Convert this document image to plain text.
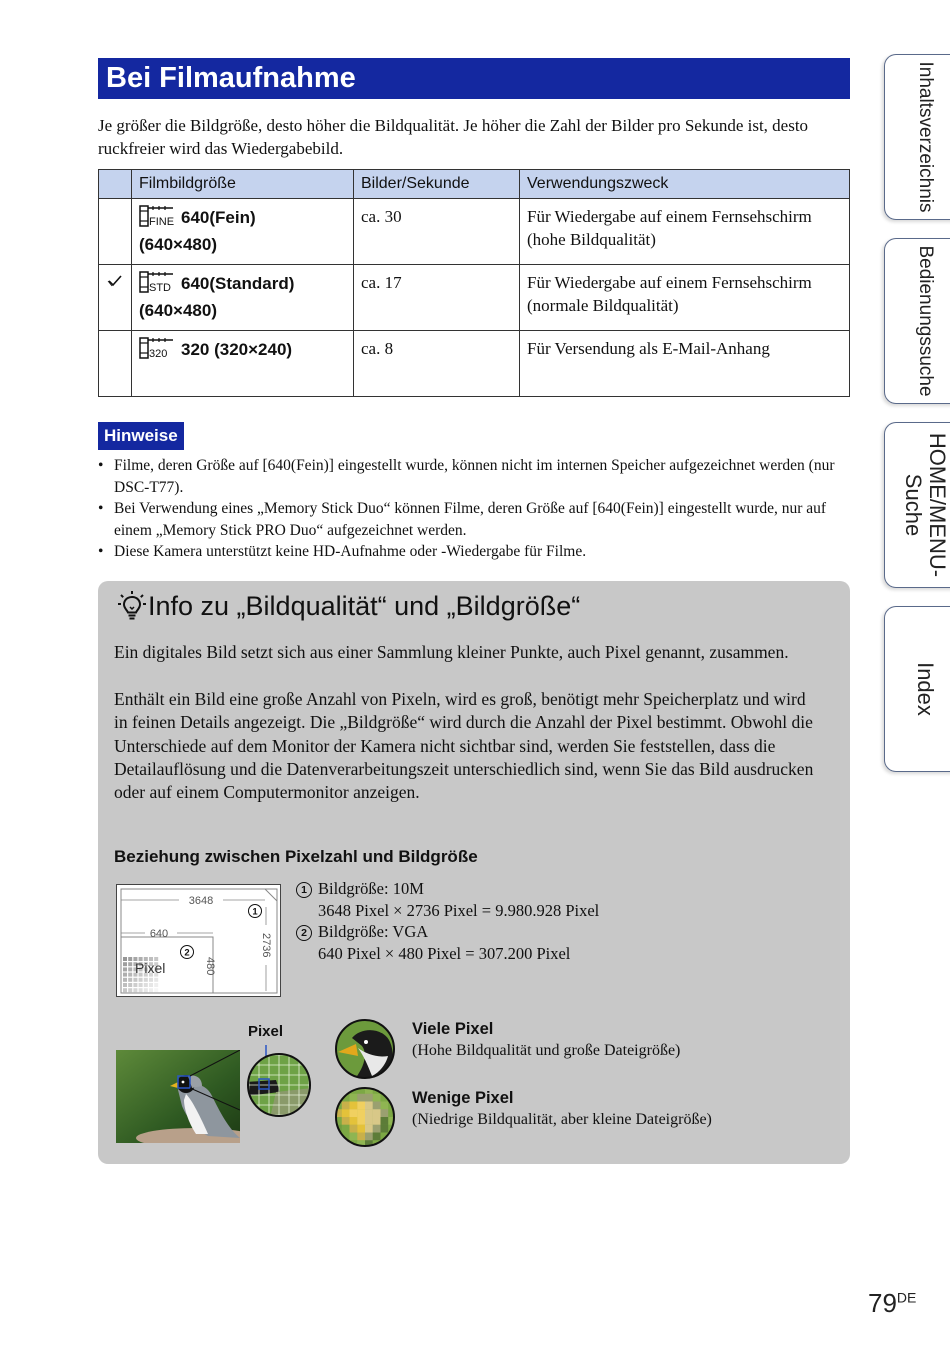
Bei Filmaufnahme

Je größer die Bildgröße, desto höher die Bildqualität. Je höher die Zahl der Bilder pro Sekunde ist, desto ruckfreier wird das Wiedergabebild.

	Filmbildgröße	Bilder/Sekunde	Verwendungszweck

FINE 640(Fein)
(640×480)	ca. 30	Für Wiedergabe auf einem Fernsehschirm (hohe Bildqualität)

STD 640(Standard)
(640×480)	ca. 17	Für Wiedergabe auf einem Fernsehschirm (normale Bildqualität)

320 320 (320×240)	ca. 8	Für Versendung als E-Mail-Anhang
Hinweise
• Filme, deren Größe auf [640(Fein)] eingestellt wurde, können nicht im internen Speicher aufgezeichnet werden (nur DSC-T77).
• Bei Verwendung eines „Memory Stick Duo“ können Filme, deren Größe auf [640(Fein)] eingestellt wurde, nur auf einem „Memory Stick PRO Duo“ aufgezeichnet werden.
• Diese Kamera unterstützt keine HD-Aufnahme oder -Wiedergabe für Filme.
Info zu „Bildqualität“ und „Bildgröße“

Ein digitales Bild setzt sich aus einer Sammlung kleiner Punkte, auch Pixel genannt, zusammen.

Enthält ein Bild eine große Anzahl von Pixeln, wird es groß, benötigt mehr Speicherplatz und wird in feinen Details angezeigt. Die „Bildgröße“ wird durch die Anzahl der Pixel bestimmt. Obwohl die Unterschiede auf dem Monitor der Kamera nicht sichtbar sind, werden Sie feststellen, dass die Detailauflösung und die Datenverarbeitungszeit unterschiedlich sind, wenn Sie das Bild ausdrucken oder auf einem Computermonitor anzeigen.

Beziehung zwischen Pixelzahl und Bildgröße
3648
2736
1
640
480
2
Pixel
1 Bildgröße: 10M
3648 Pixel × 2736 Pixel = 9.980.928 Pixel
2 Bildgröße: VGA
640 Pixel × 480 Pixel = 307.200 Pixel
Pixel	Viele Pixel
(Hohe Bildqualität und große Dateigröße)
Wenige Pixel
(Niedrige Bildqualität, aber kleine Dateigröße)
Inhaltsverzeichnis
Bedienungssuche
HOME/MENU-
Suche
Index
79DE
